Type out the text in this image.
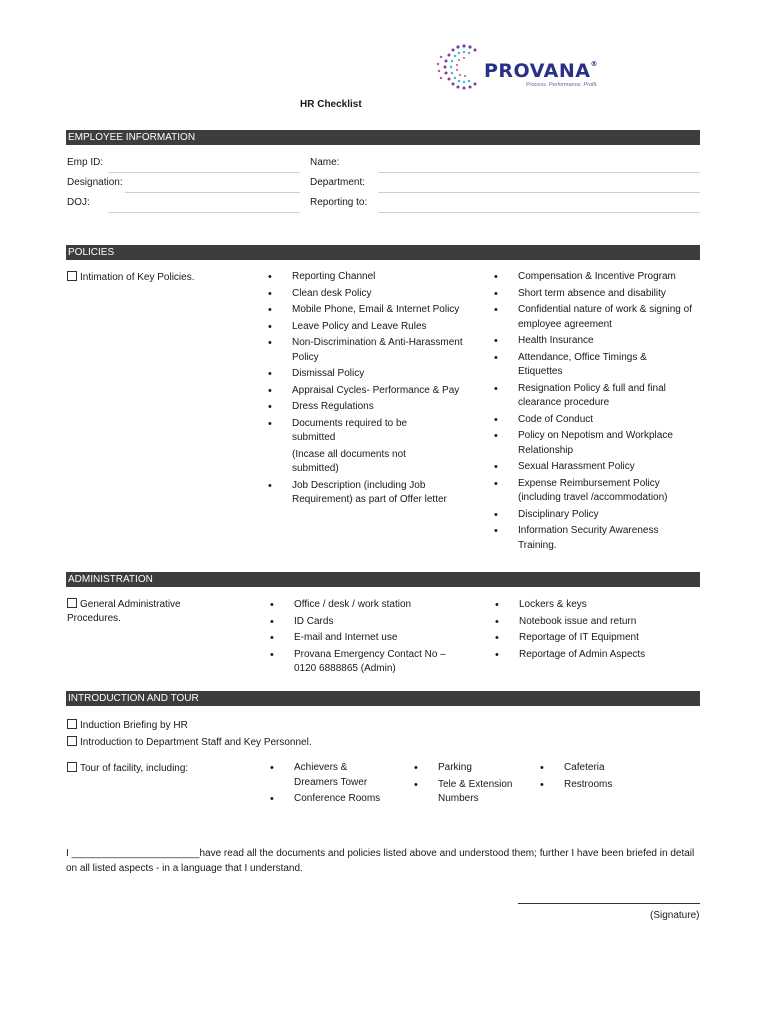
PROVANA®
Process. Performance. Profit.
HR Checklist
EMPLOYEE INFORMATION
Emp ID:	Name:
Designation:	Department:
DOJ:	Reporting to:
POLICIES
Intimation of Key Policies.	• Reporting Channel
• Clean desk Policy
• Mobile Phone, Email & Internet Policy
• Leave Policy and Leave Rules
• Non-Discrimination & Anti-Harassment Policy
• Dismissal Policy
• Appraisal Cycles- Performance & Pay
• Dress Regulations
• Documents required to be submitted
(Incase all documents not submitted)
• Job Description (including Job Requirement) as part of Offer letter
• Compensation & Incentive Program
• Short term absence and disability
• Confidential nature of work & signing of employee agreement
• Health Insurance
• Attendance, Office Timings & Etiquettes
• Resignation Policy & full and final clearance procedure
• Code of Conduct
• Policy on Nepotism and Workplace Relationship
• Sexual Harassment Policy
• Expense Reimbursement Policy (including travel /accommodation)
• Disciplinary Policy
• Information Security Awareness Training.
ADMINISTRATION
General Administrative Procedures.
• Office / desk / work station
• ID Cards
• E-mail and Internet use
• Provana Emergency Contact No – 0120 6888865 (Admin)
• Lockers & keys
• Notebook issue and return
• Reportage of IT Equipment
• Reportage of Admin Aspects
INTRODUCTION AND TOUR
Induction Briefing by HR
Introduction to Department Staff and Key Personnel.
Tour of facility, including:	• Achievers & Dreamers Tower
• Conference Rooms
• Parking
• Tele & Extension Numbers
• Cafeteria
• Restrooms
I _______________________have read all the documents and policies listed above and understood them; further I have been briefed in detail on all listed aspects - in a language that I understand.
(Signature)
